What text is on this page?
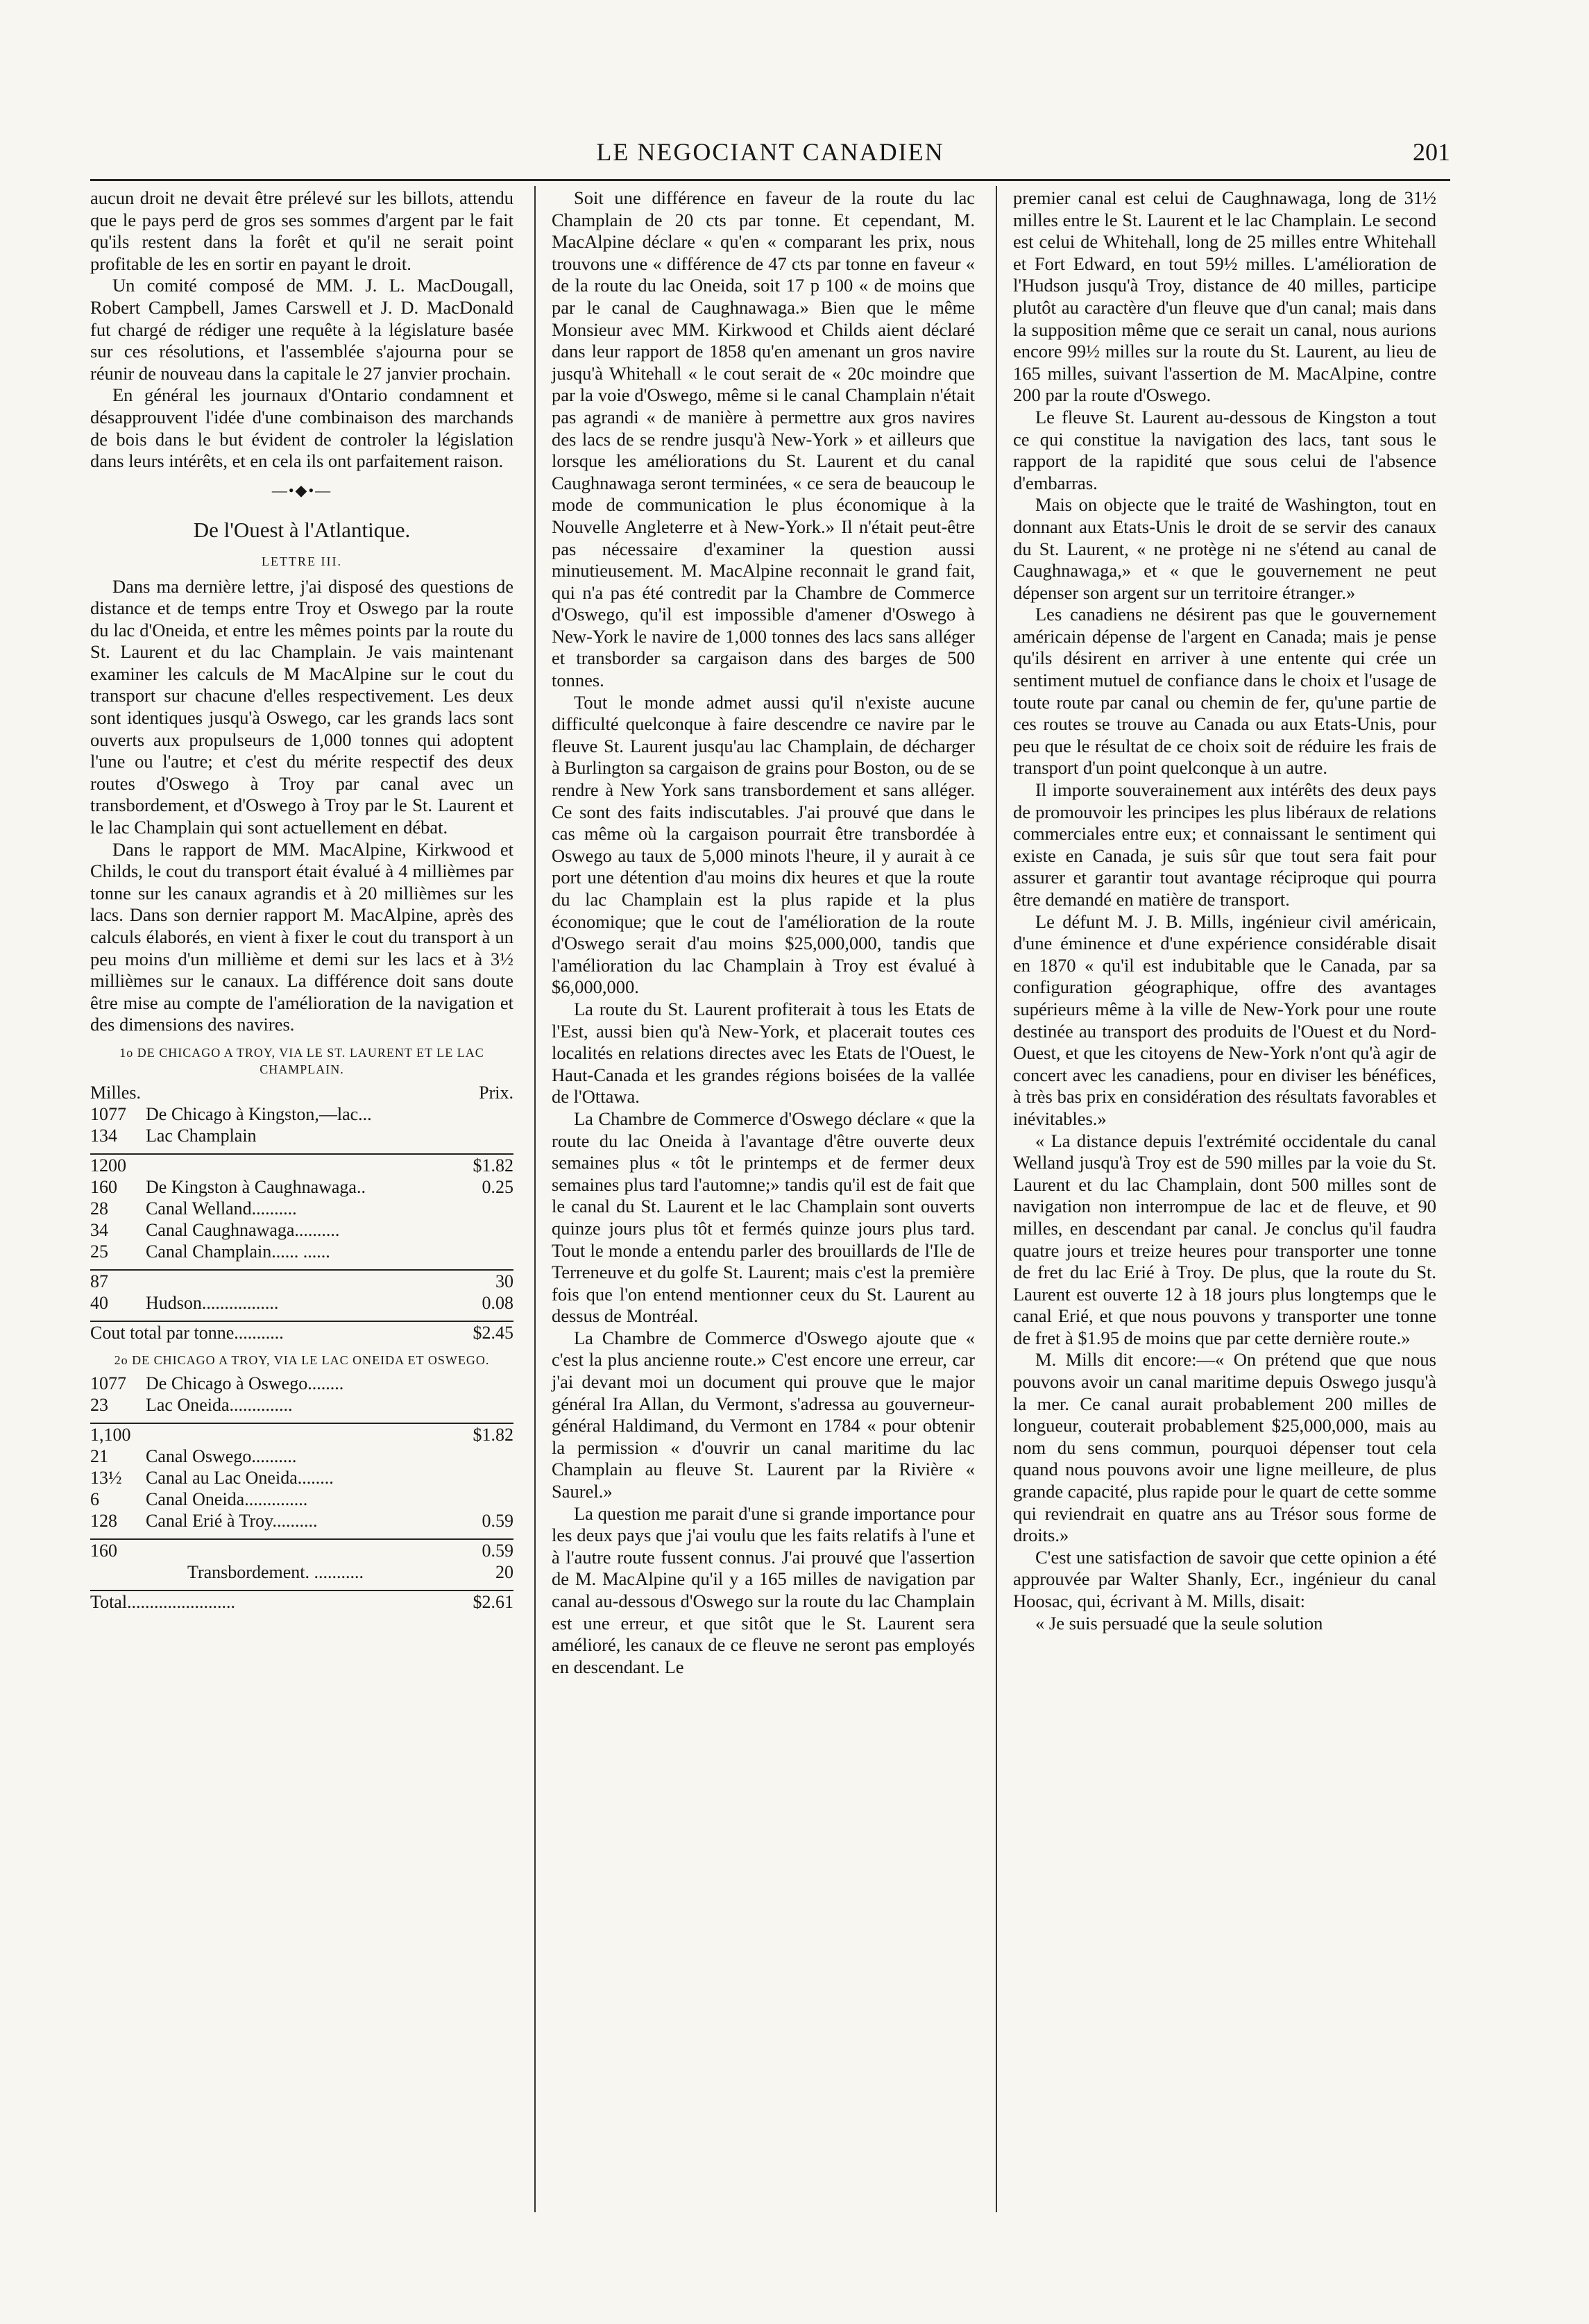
LE NEGOCIANT CANADIEN	201

aucun droit ne devait être prélevé sur les billots, attendu que le pays perd de gros ses sommes d'argent par le fait qu'ils restent dans la forêt et qu'il ne serait point profitable de les en sortir en payant le droit.

Un comité composé de MM. J. L. MacDougall, Robert Campbell, James Carswell et J. D. MacDonald fut chargé de rédiger une requête à la législature basée sur ces résolutions, et l'assemblée s'ajourna pour se réunir de nouveau dans la capitale le 27 janvier prochain.

En général les journaux d'Ontario condamnent et désapprouvent l'idée d'une combinaison des marchands de bois dans le but évident de controler la législation dans leurs intérêts, et en cela ils ont parfaitement raison.

—•◆•—
De l'Ouest à l'Atlantique.
LETTRE III.

Dans ma dernière lettre, j'ai disposé des questions de distance et de temps entre Troy et Oswego par la route du lac d'Oneida, et entre les mêmes points par la route du St. Laurent et du lac Champlain. Je vais maintenant examiner les calculs de M MacAlpine sur le cout du transport sur chacune d'elles respectivement. Les deux sont identiques jusqu'à Oswego, car les grands lacs sont ouverts aux propulseurs de 1,000 tonnes qui adoptent l'une ou l'autre; et c'est du mérite respectif des deux routes d'Oswego à Troy par canal avec un transbordement, et d'Oswego à Troy par le St. Laurent et le lac Champlain qui sont actuellement en débat.

Dans le rapport de MM. MacAlpine, Kirkwood et Childs, le cout du transport était évalué à 4 millièmes par tonne sur les canaux agrandis et à 20 millièmes sur les lacs. Dans son dernier rapport M. MacAlpine, après des calculs élaborés, en vient à fixer le cout du transport à un peu moins d'un millième et demi sur les lacs et à 3½ millièmes sur le canaux. La différence doit sans doute être mise au compte de l'amélioration de la navigation et des dimensions des navires.

1o DE CHICAGO A TROY, VIA LE ST. LAURENT ET LE LAC CHAMPLAIN.
Milles.		Prix.
1077	De Chicago à Kingston,—lac...	
134	Lac Champlain	

1200		$1.82
160	De Kingston à Caughnawaga..	0.25
28	Canal Welland..........	
34	Canal Caughnawaga..........	
25	Canal Champlain...... ......	

87		30
40	Hudson.................	0.08

Cout total par tonne...........		$2.45
2o DE CHICAGO A TROY, VIA LE LAC ONEIDA ET OSWEGO.
1077	De Chicago à Oswego........	
23	Lac Oneida..............	

1,100		$1.82
21	Canal Oswego..........	
13½	Canal au Lac Oneida........	
6	Canal Oneida..............	
128	Canal Erié à Troy..........	0.59

160		0.59
	Transbordement. ...........	20

Total........................		$2.61

Soit une différence en faveur de la route du lac Champlain de 20 cts par tonne. Et cependant, M. MacAlpine déclare « qu'en « comparant les prix, nous trouvons une « différence de 47 cts par tonne en faveur « de la route du lac Oneida, soit 17 p 100 « de moins que par le canal de Caughnawaga.» Bien que le même Monsieur avec MM. Kirkwood et Childs aient déclaré dans leur rapport de 1858 qu'en amenant un gros navire jusqu'à Whitehall « le cout serait de « 20c moindre que par la voie d'Oswego, même si le canal Champlain n'était pas agrandi « de manière à permettre aux gros navires des lacs de se rendre jusqu'à New-York » et ailleurs que lorsque les améliorations du St. Laurent et du canal Caughnawaga seront terminées, « ce sera de beaucoup le mode de communication le plus économique à la Nouvelle Angleterre et à New-York.» Il n'était peut-être pas nécessaire d'examiner la question aussi minutieusement. M. MacAlpine reconnait le grand fait, qui n'a pas été contredit par la Chambre de Commerce d'Oswego, qu'il est impossible d'amener d'Oswego à New-York le navire de 1,000 tonnes des lacs sans alléger et transborder sa cargaison dans des barges de 500 tonnes.

Tout le monde admet aussi qu'il n'existe aucune difficulté quelconque à faire descendre ce navire par le fleuve St. Laurent jusqu'au lac Champlain, de décharger à Burlington sa cargaison de grains pour Boston, ou de se rendre à New York sans transbordement et sans alléger. Ce sont des faits indiscutables. J'ai prouvé que dans le cas même où la cargaison pourrait être transbordée à Oswego au taux de 5,000 minots l'heure, il y aurait à ce port une détention d'au moins dix heures et que la route du lac Champlain est la plus rapide et la plus économique; que le cout de l'amélioration de la route d'Oswego serait d'au moins $25,000,000, tandis que l'amélioration du lac Champlain à Troy est évalué à $6,000,000.

La route du St. Laurent profiterait à tous les Etats de l'Est, aussi bien qu'à New-York, et placerait toutes ces localités en relations directes avec les Etats de l'Ouest, le Haut-Canada et les grandes régions boisées de la vallée de l'Ottawa.

La Chambre de Commerce d'Oswego déclare « que la route du lac Oneida à l'avantage d'être ouverte deux semaines plus « tôt le printemps et de fermer deux semaines plus tard l'automne;» tandis qu'il est de fait que le canal du St. Laurent et le lac Champlain sont ouverts quinze jours plus tôt et fermés quinze jours plus tard. Tout le monde a entendu parler des brouillards de l'Ile de Terreneuve et du golfe St. Laurent; mais c'est la première fois que l'on entend mentionner ceux du St. Laurent au dessus de Montréal.

La Chambre de Commerce d'Oswego ajoute que « c'est la plus ancienne route.» C'est encore une erreur, car j'ai devant moi un document qui prouve que le major général Ira Allan, du Vermont, s'adressa au gouverneur-général Haldimand, du Vermont en 1784 « pour obtenir la permission « d'ouvrir un canal maritime du lac Champlain au fleuve St. Laurent par la Rivière « Saurel.»

La question me parait d'une si grande importance pour les deux pays que j'ai voulu que les faits relatifs à l'une et à l'autre route fussent connus. J'ai prouvé que l'assertion de M. MacAlpine qu'il y a 165 milles de navigation par canal au-dessous d'Oswego sur la route du lac Champlain est une erreur, et que sitôt que le St. Laurent sera amélioré, les canaux de ce fleuve ne seront pas employés en descendant. Le

premier canal est celui de Caughnawaga, long de 31½ milles entre le St. Laurent et le lac Champlain. Le second est celui de Whitehall, long de 25 milles entre Whitehall et Fort Edward, en tout 59½ milles. L'amélioration de l'Hudson jusqu'à Troy, distance de 40 milles, participe plutôt au caractère d'un fleuve que d'un canal; mais dans la supposition même que ce serait un canal, nous aurions encore 99½ milles sur la route du St. Laurent, au lieu de 165 milles, suivant l'assertion de M. MacAlpine, contre 200 par la route d'Oswego.

Le fleuve St. Laurent au-dessous de Kingston a tout ce qui constitue la navigation des lacs, tant sous le rapport de la rapidité que sous celui de l'absence d'embarras.

Mais on objecte que le traité de Washington, tout en donnant aux Etats-Unis le droit de se servir des canaux du St. Laurent, « ne protège ni ne s'étend au canal de Caughnawaga,» et « que le gouvernement ne peut dépenser son argent sur un territoire étranger.»

Les canadiens ne désirent pas que le gouvernement américain dépense de l'argent en Canada; mais je pense qu'ils désirent en arriver à une entente qui crée un sentiment mutuel de confiance dans le choix et l'usage de toute route par canal ou chemin de fer, qu'une partie de ces routes se trouve au Canada ou aux Etats-Unis, pour peu que le résultat de ce choix soit de réduire les frais de transport d'un point quelconque à un autre.

Il importe souverainement aux intérêts des deux pays de promouvoir les principes les plus libéraux de relations commerciales entre eux; et connaissant le sentiment qui existe en Canada, je suis sûr que tout sera fait pour assurer et garantir tout avantage réciproque qui pourra être demandé en matière de transport.

Le défunt M. J. B. Mills, ingénieur civil américain, d'une éminence et d'une expérience considérable disait en 1870 « qu'il est indubitable que le Canada, par sa configuration géographique, offre des avantages supérieurs même à la ville de New-York pour une route destinée au transport des produits de l'Ouest et du Nord-Ouest, et que les citoyens de New-York n'ont qu'à agir de concert avec les canadiens, pour en diviser les bénéfices, à très bas prix en considération des résultats favorables et inévitables.»

« La distance depuis l'extrémité occidentale du canal Welland jusqu'à Troy est de 590 milles par la voie du St. Laurent et du lac Champlain, dont 500 milles sont de navigation non interrompue de lac et de fleuve, et 90 milles, en descendant par canal. Je conclus qu'il faudra quatre jours et treize heures pour transporter une tonne de fret du lac Erié à Troy. De plus, que la route du St. Laurent est ouverte 12 à 18 jours plus longtemps que le canal Erié, et que nous pouvons y transporter une tonne de fret à $1.95 de moins que par cette dernière route.»

M. Mills dit encore:—« On prétend que que nous pouvons avoir un canal maritime depuis Oswego jusqu'à la mer. Ce canal aurait probablement 200 milles de longueur, couterait probablement $25,000,000, mais au nom du sens commun, pourquoi dépenser tout cela quand nous pouvons avoir une ligne meilleure, de plus grande capacité, plus rapide pour le quart de cette somme qui reviendrait en quatre ans au Trésor sous forme de droits.»

C'est une satisfaction de savoir que cette opinion a été approuvée par Walter Shanly, Ecr., ingénieur du canal Hoosac, qui, écrivant à M. Mills, disait:

« Je suis persuadé que la seule solution
